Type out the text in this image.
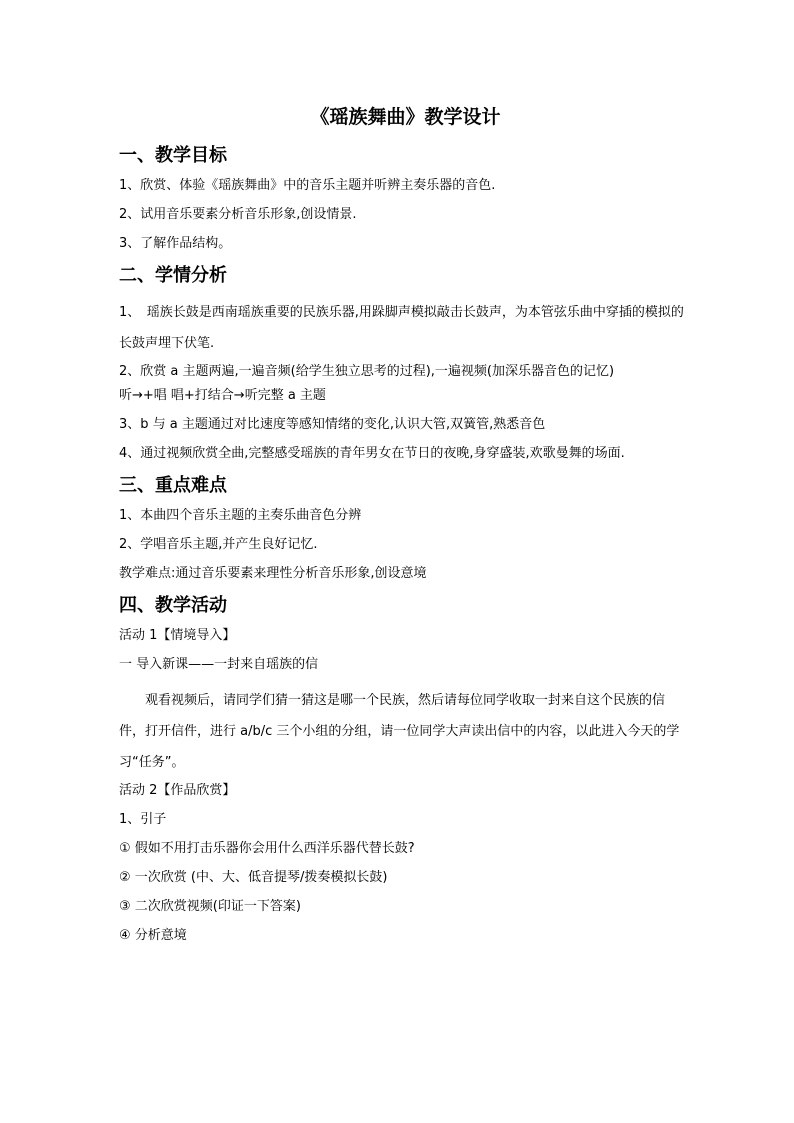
《瑶族舞曲》教学设计
一、教学目标

1、欣赏、体验《瑶族舞曲》中的音乐主题并听辨主奏乐器的音色.

2、试用音乐要素分析音乐形象,创设情景.

3、了解作品结构。

二、学情分析

1、　瑶族长鼓是西南瑶族重要的民族乐器,用跺脚声模拟敲击长鼓声，为本管弦乐曲中穿插的模拟的长鼓声埋下伏笔.

2、欣赏 a 主题两遍,一遍音频(给学生独立思考的过程),一遍视频(加深乐器音色的记忆)

听→+唱 唱+打结合→听完整 a 主题

3、b 与 a 主题通过对比速度等感知情绪的变化,认识大管,双簧管,熟悉音色

4、通过视频欣赏全曲,完整感受瑶族的青年男女在节日的夜晚,身穿盛装,欢歌曼舞的场面.

三、重点难点

1、本曲四个音乐主题的主奏乐曲音色分辨

2、学唱音乐主题,并产生良好记忆.

教学难点:通过音乐要素来理性分析音乐形象,创设意境

四、教学活动

活动 1【情境导入】

一 导入新课——一封来自瑶族的信

观看视频后，请同学们猜一猜这是哪一个民族，然后请每位同学收取一封来自这个民族的信件，打开信件，进行 a/b/c 三个小组的分组，请一位同学大声读出信中的内容，以此进入今天的学习“任务”。

活动 2【作品欣赏】

1、引子

① 假如不用打击乐器你会用什么西洋乐器代替长鼓?

② 一次欣赏 (中、大、低音提琴/拨奏模拟长鼓)

③ 二次欣赏视频(印证一下答案)

④ 分析意境
